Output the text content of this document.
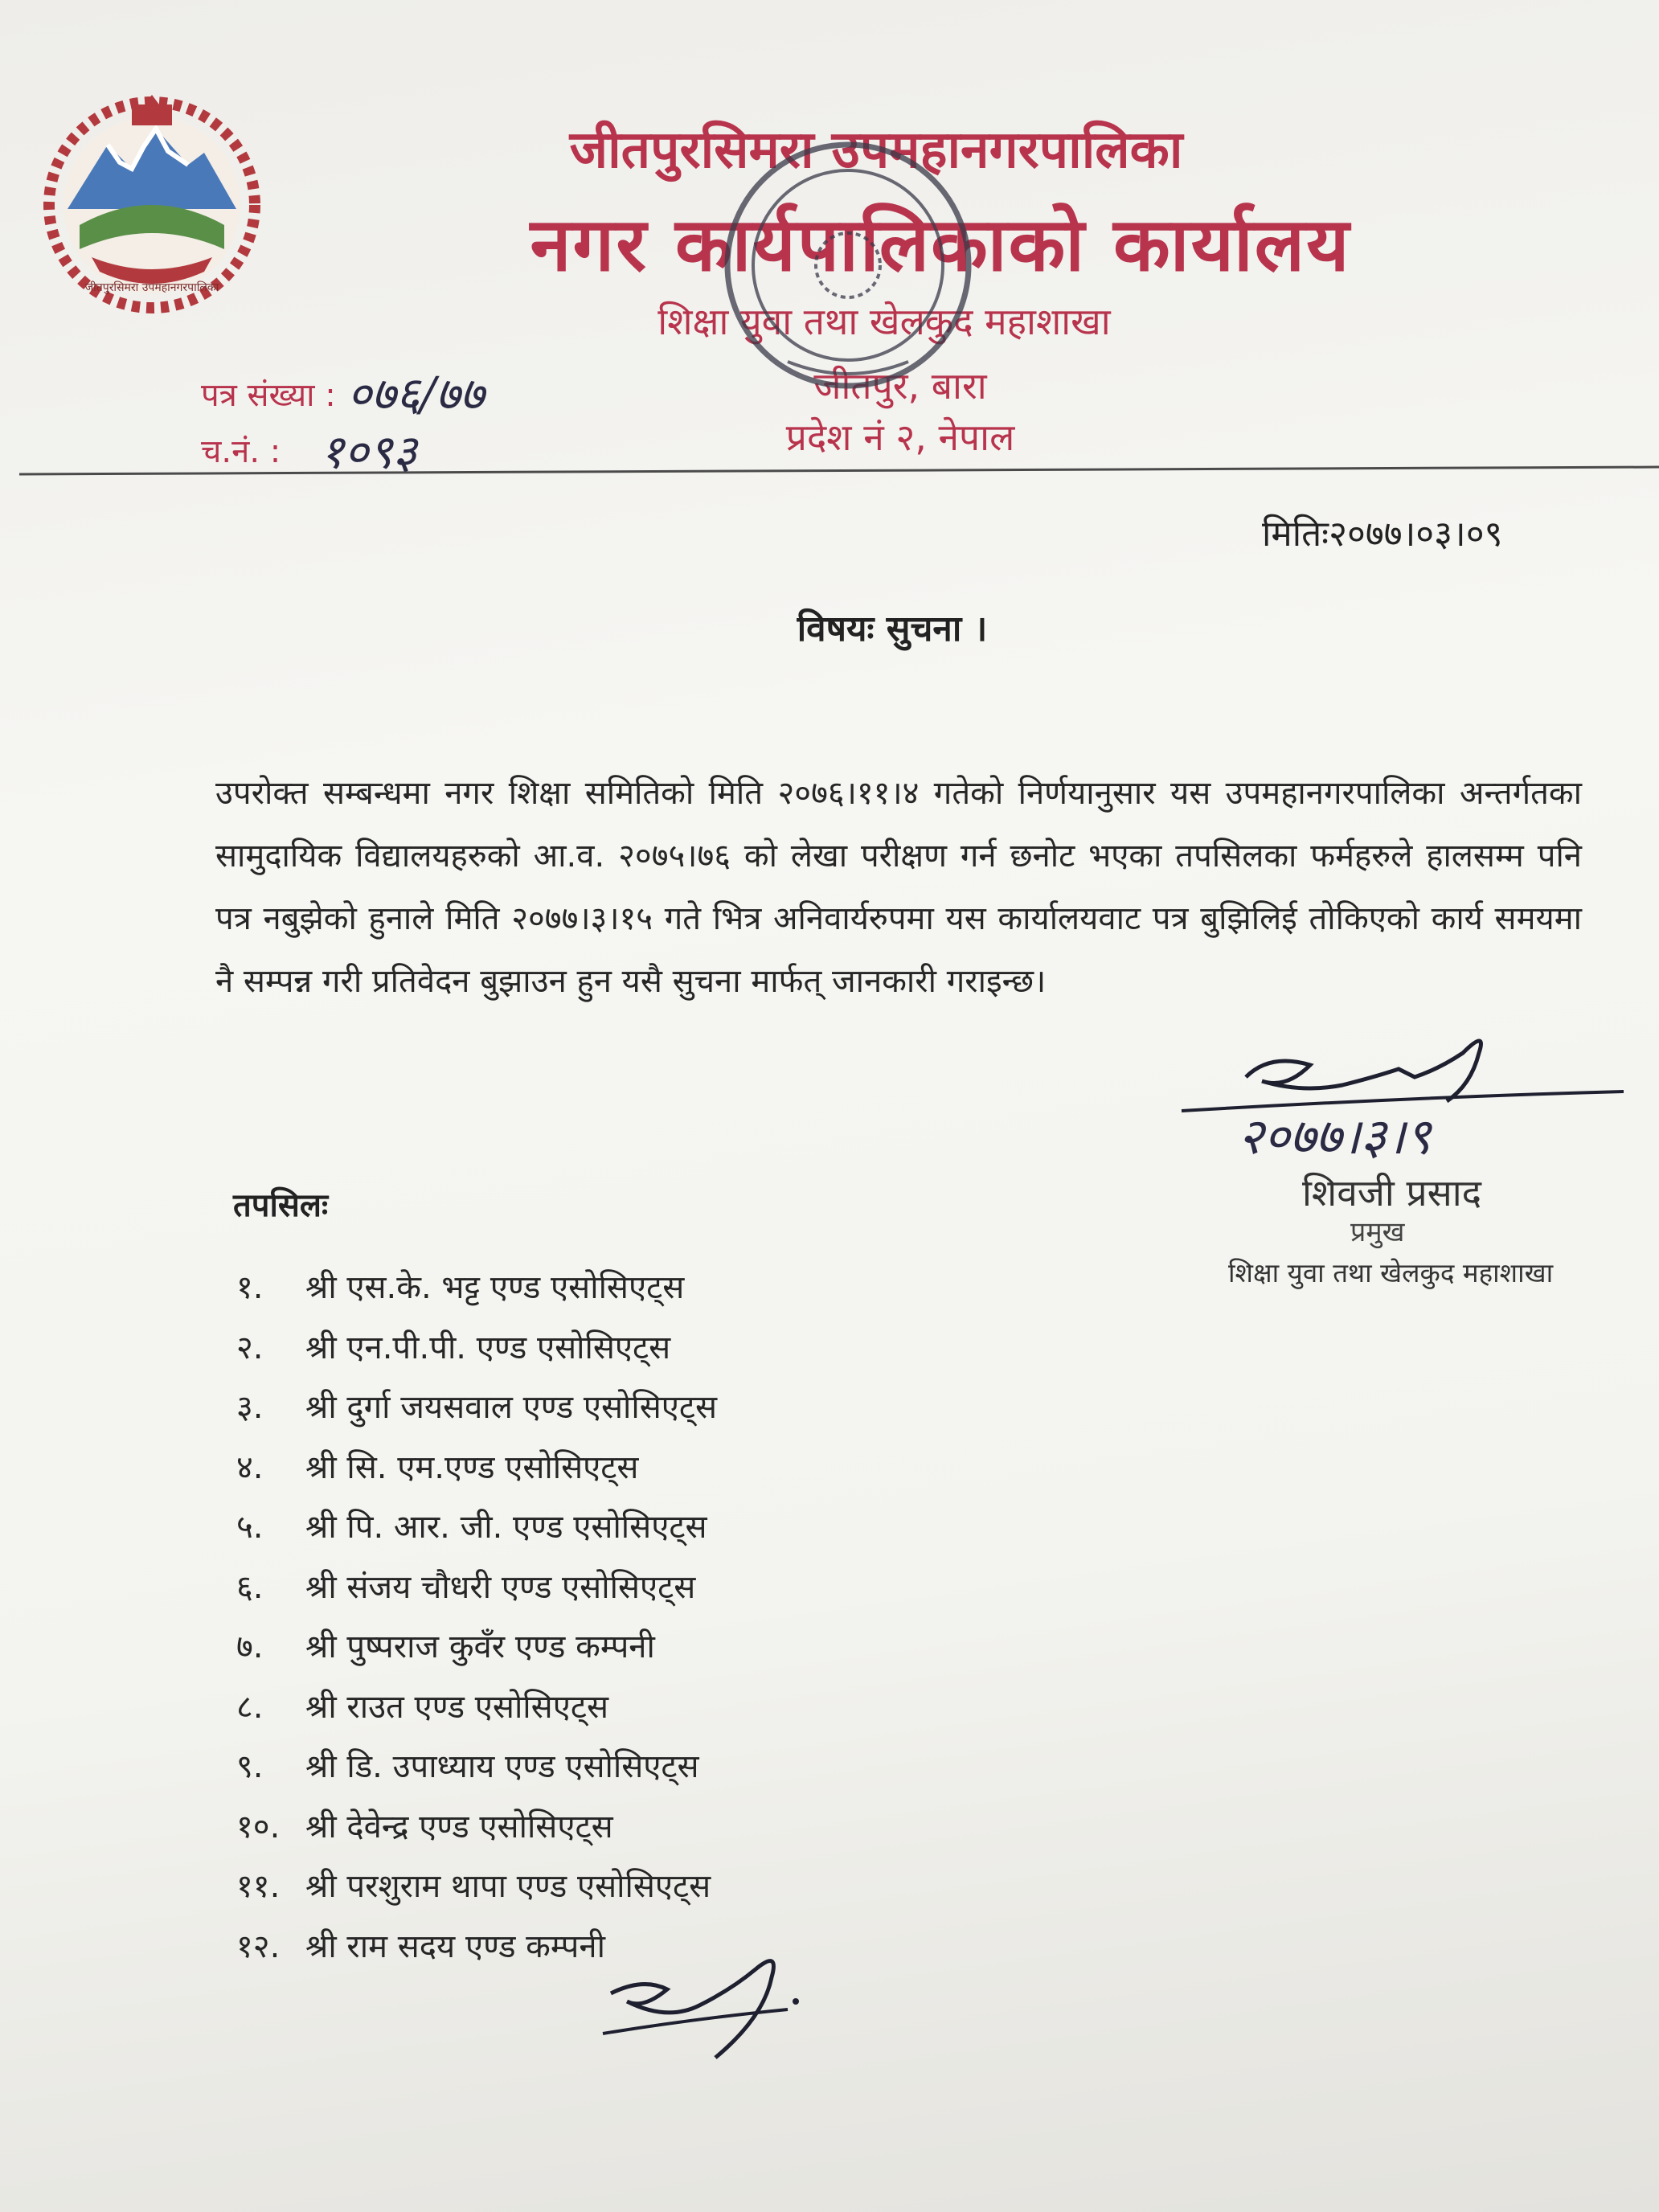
जीतपुरसिमरा उपमहानगरपालिका
जीतपुरसिमरा उपमहानगरपालिका
नगर कार्यपालिकाको कार्यालय
शिक्षा युवा तथा खेलकुद महाशाखा
जीतपुर, बारा
प्रदेश नं २, नेपाल
पत्र संख्या : ०७६/७७
च.नं. : १०९३
मितिः२०७७।०३।०९
विषयः सुचना ।
उपरोक्त सम्बन्धमा नगर शिक्षा समितिको मिति २०७६।११।४ गतेको निर्णयानुसार यस उपमहानगरपालिका अन्तर्गतका सामुदायिक विद्यालयहरुको आ.व. २०७५।७६ को लेखा परीक्षण गर्न छनोट भएका तपसिलका फर्महरुले हालसम्म पनि पत्र नबुझेको हुनाले मिति २०७७।३।१५ गते भित्र अनिवार्यरुपमा यस कार्यालयवाट पत्र बुझिलिई तोकिएको कार्य समयमा नै सम्पन्न गरी प्रतिवेदन बुझाउन हुन यसै सुचना मार्फत् जानकारी गराइन्छ।
२०७७।३।९
शिवजी प्रसाद
प्रमुख
शिक्षा युवा तथा खेलकुद महाशाखा
तपसिलः
१.	श्री एस.के. भट्ट एण्ड एसोसिएट्स
२.	श्री एन.पी.पी. एण्ड एसोसिएट्स
३.	श्री दुर्गा जयसवाल एण्ड एसोसिएट्स
४.	श्री सि. एम.एण्ड एसोसिएट्स
५.	श्री पि. आर. जी. एण्ड एसोसिएट्स
६.	श्री संजय चौधरी एण्ड एसोसिएट्स
७.	श्री पुष्पराज कुवँर एण्ड कम्पनी
८.	श्री राउत एण्ड एसोसिएट्स
९.	श्री डि. उपाध्याय एण्ड एसोसिएट्स
१०. श्री देवेन्द्र एण्ड एसोसिएट्स
११. श्री परशुराम थापा एण्ड एसोसिएट्स
१२. श्री राम सदय एण्ड कम्पनी
